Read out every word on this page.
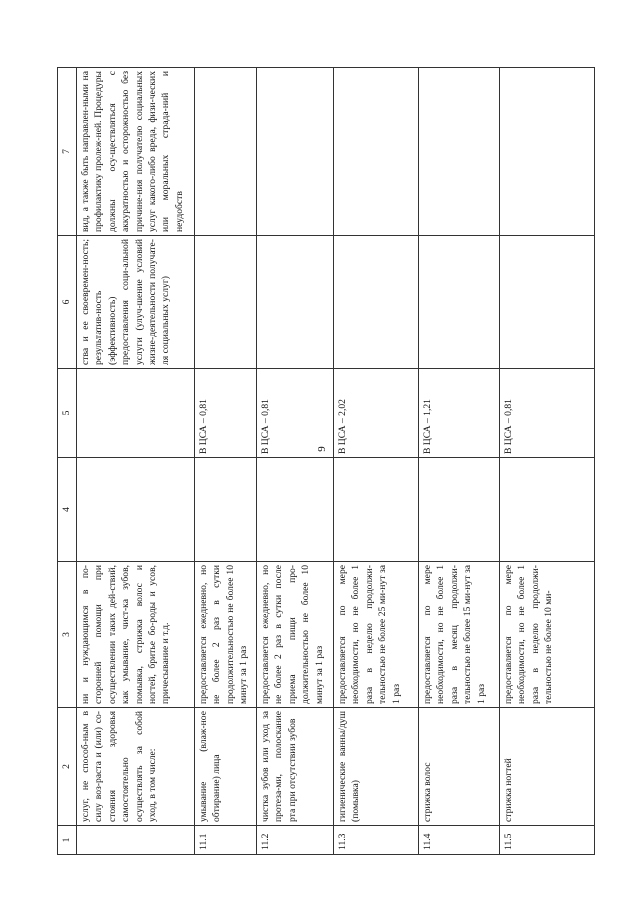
9
1	2	3	4	5	6	7
	услуг, не способ-ным в силу воз-раста и (или) со-стояния здоровья самостоятельно осуществлять за собой уход, в том числе:	ни и нуждающимся в по-сторонней помощи при осуществлении таких дей-ствий, как умывание, чист-ка зубов, помывка, стрижка волос и ногтей, бритье бо-роды и усов, причесывание и т.д.			ства и ее своевремен-ность; результатив-ность (эффективность) предоставления соци-альной услуги (улуч-шение условий жизне-деятельности получате-ля социальных услуг)	вид, а также быть направлен-ными на профилактику пролеж-ней. Процедуры должны осу-ществляться с аккуратностью и осторожностью без причине-ния получателю социальных услуг какого-либо вреда, физи-ческих или моральных страда-ний и неудобств
11.1	умывание (влаж-ное обтирание) лица	предоставляется ежедневно, но не более 2 раз в сутки продолжительностью не более 10 минут за 1 раз		В ЦСА – 0,81		
11.2	чистка зубов или уход за протеза-ми, полоскание рта при отсутствии зубов	предоставляется ежедневно, но не более 2 раз в сутки после приема пищи про-должительностью не более 10 минут за 1 раз		В ЦСА – 0,81		
11.3	гигиенические ванны/душ (помывка)	предоставляется по мере необходимости, но не более 1 раза в неделю продолжи-тельностью не более 25 ми-нут за 1 раз		В ЦСА – 2,02		
11.4	стрижка волос	предоставляется по мере необходимости, но не более 1 раза в месяц продолжи-тельностью не более 15 ми-нут за 1 раз		В ЦСА – 1,21		
11.5	стрижка ногтей	предоставляется по мере необходимости, но не более 1 раза в неделю продолжи-тельностью не более 10 ми-		В ЦСА – 0,81		
